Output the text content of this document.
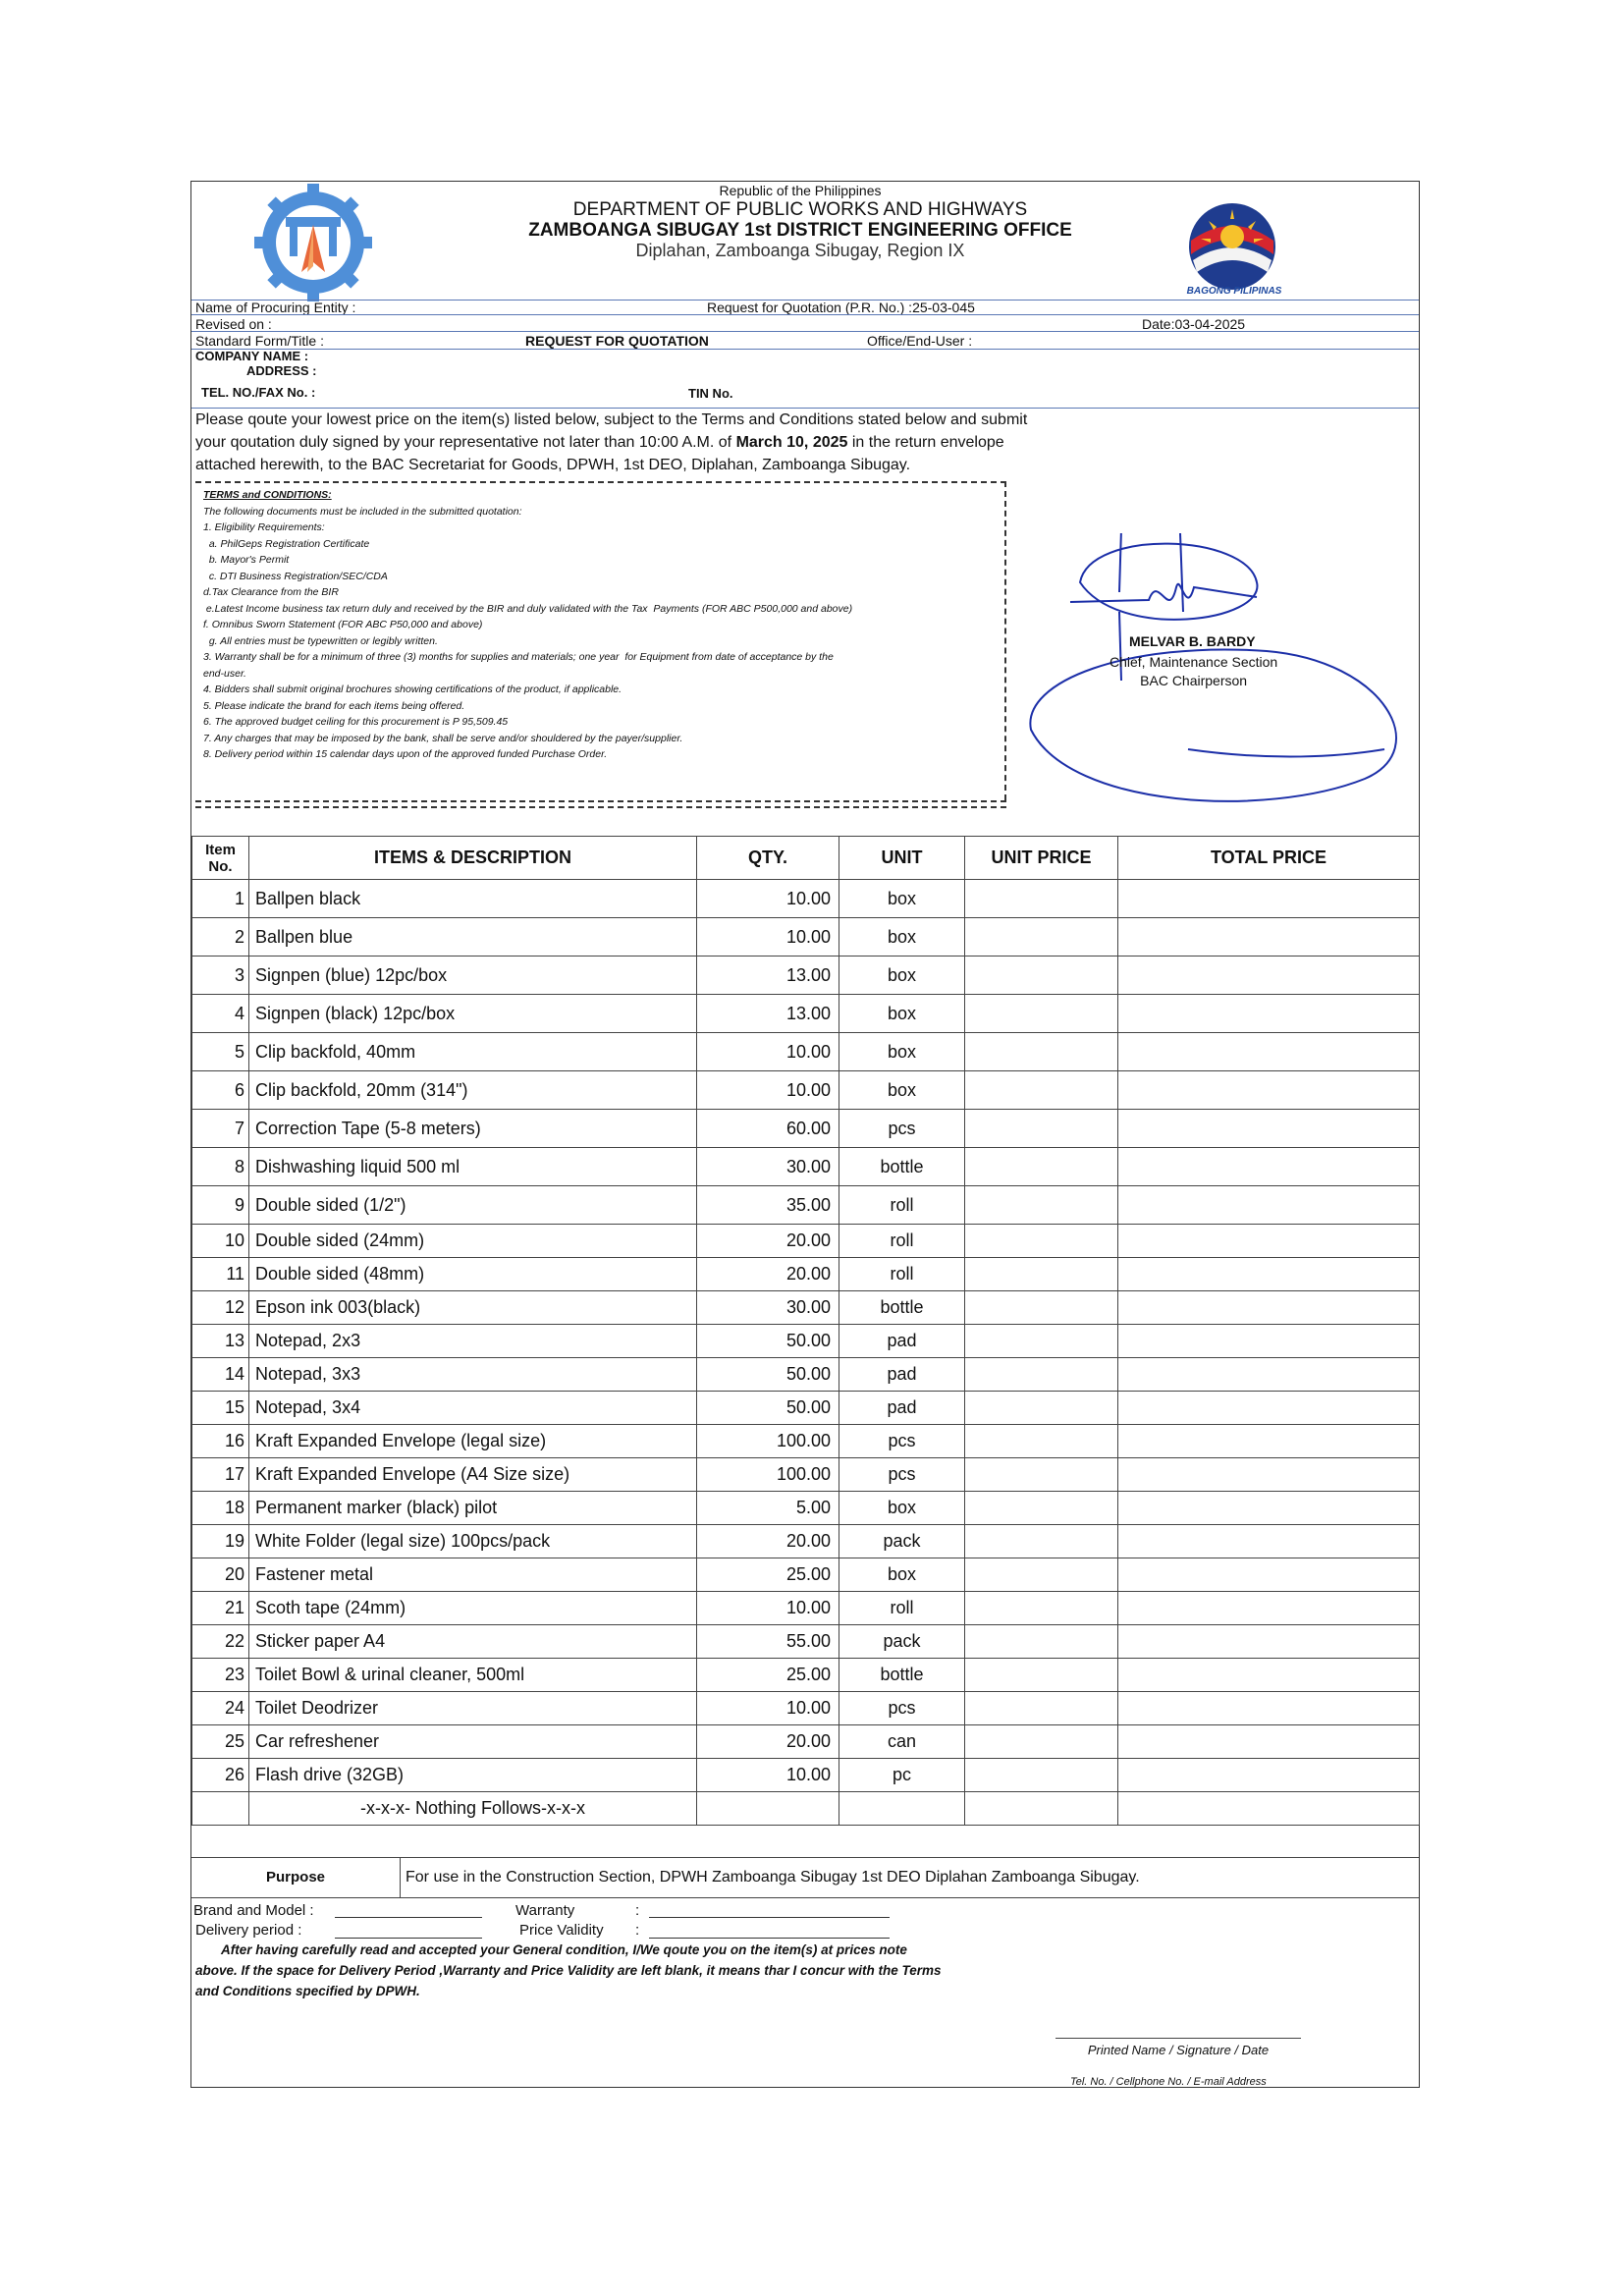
Republic of the Philippines
DEPARTMENT OF PUBLIC WORKS AND HIGHWAYS
ZAMBOANGA SIBUGAY 1st DISTRICT ENGINEERING OFFICE
Diplahan, Zamboanga Sibugay, Region IX
BAGONG PILIPINAS
Name of Procuring Entity :	Request for Quotation (P.R. No.) :25-03-045
Revised on :	Date:03-04-2025
Standard Form/Title :	REQUEST FOR QUOTATION	Office/End-User :
COMPANY NAME :
ADDRESS :
TEL. NO./FAX No. :	TIN No.
Please qoute your lowest price on the item(s) listed below, subject to the Terms and Conditions stated below and submit
your qoutation duly signed by your representative not later than 10:00 A.M. of March 10, 2025 in the return envelope
attached herewith, to the BAC Secretariat for Goods, DPWH, 1st DEO, Diplahan, Zamboanga Sibugay.
TERMS and CONDITIONS:
The following documents must be included in the submitted quotation:
1. Eligibility Requirements:
a. PhilGeps Registration Certificate
b. Mayor's Permit
c. DTI Business Registration/SEC/CDA
d.Tax Clearance from the BIR
e.Latest Income business tax return duly and received by the BIR and duly validated with the Tax  Payments (FOR ABC P500,000 and above)
f. Omnibus Sworn Statement (FOR ABC P50,000 and above)
g. All entries must be typewritten or legibly written.
3. Warranty shall be for a minimum of three (3) months for supplies and materials; one year  for Equipment from date of acceptance by the
end-user.
4. Bidders shall submit original brochures showing certifications of the product, if applicable.
5. Please indicate the brand for each items being offered.
6. The approved budget ceiling for this procurement is P 95,509.45
7. Any charges that may be imposed by the bank, shall be serve and/or shouldered by the payer/supplier.
8. Delivery period within 15 calendar days upon of the approved funded Purchase Order.
MELVAR B. BARDY
Chief, Maintenance Section
BAC Chairperson
Item No.	ITEMS & DESCRIPTION	QTY.	UNIT	UNIT PRICE	TOTAL PRICE
1	Ballpen black	10.00	box		
2	Ballpen blue	10.00	box		
3	Signpen (blue) 12pc/box	13.00	box		
4	Signpen (black) 12pc/box	13.00	box		
5	Clip backfold, 40mm	10.00	box		
6	Clip backfold, 20mm (314")	10.00	box		
7	Correction Tape (5-8 meters)	60.00	pcs		
8	Dishwashing liquid 500 ml	30.00	bottle		
9	Double sided (1/2")	35.00	roll		
10	Double sided (24mm)	20.00	roll		
11	Double sided (48mm)	20.00	roll		
12	Epson ink 003(black)	30.00	bottle		
13	Notepad, 2x3	50.00	pad		
14	Notepad, 3x3	50.00	pad		
15	Notepad, 3x4	50.00	pad		
16	Kraft Expanded Envelope (legal size)	100.00	pcs		
17	Kraft Expanded Envelope (A4 Size size)	100.00	pcs		
18	Permanent marker (black) pilot	5.00	box		
19	White Folder (legal size) 100pcs/pack	20.00	pack		
20	Fastener metal	25.00	box		
21	Scoth tape (24mm)	10.00	roll		
22	Sticker paper A4	55.00	pack		
23	Toilet Bowl & urinal cleaner, 500ml	25.00	bottle		
24	Toilet Deodrizer	10.00	pcs		
25	Car refreshener	20.00	can		
26	Flash drive (32GB)	10.00	pc		
	-x-x-x- Nothing Follows-x-x-x				
Purpose	For use in the Construction Section, DPWH Zamboanga Sibugay 1st DEO Diplahan Zamboanga Sibugay.
Brand and Model :	Warranty	:
Delivery period :	Price Validity :
After having carefully read and accepted your General condition, I/We qoute you on the item(s) at prices note above. If the space for Delivery Period ,Warranty and Price Validity are left blank, it means thar I concur with the Terms and Conditions specified by DPWH.
Printed Name / Signature / Date
Tel. No. / Cellphone No. / E-mail Address
